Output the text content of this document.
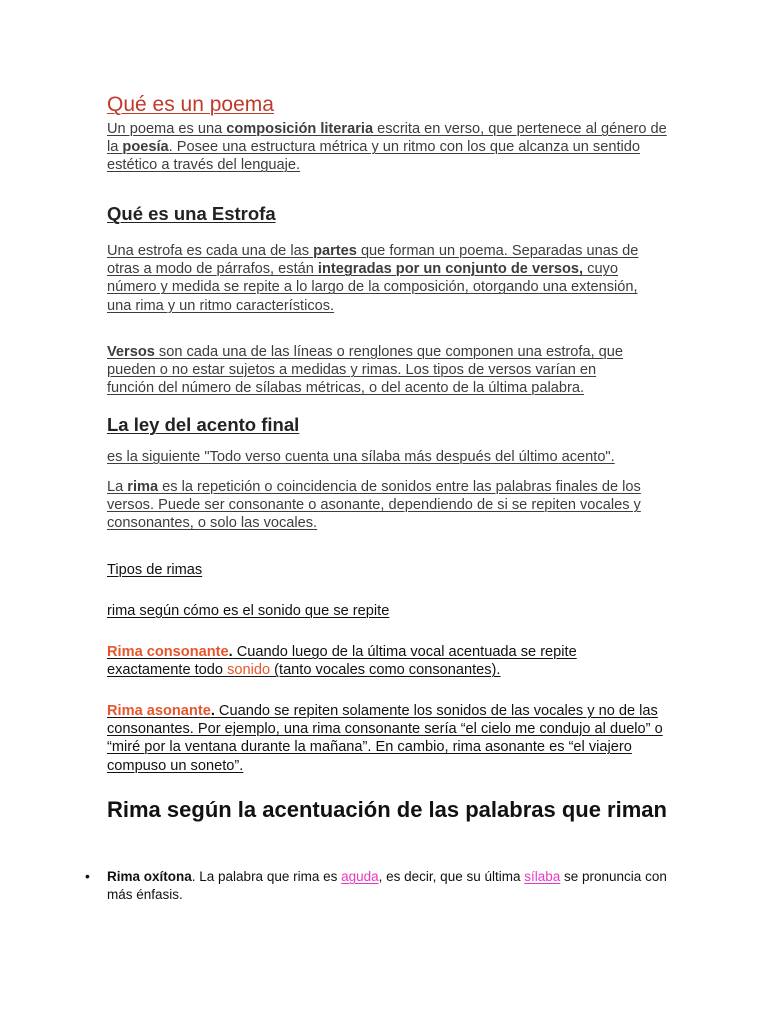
Qué es un poema

Un poema es una composición literaria escrita en verso, que pertenece al género de la poesía. Posee una estructura métrica y un ritmo con los que alcanza un sentido estético a través del lenguaje.

Qué es una Estrofa

Una estrofa es cada una de las partes que forman un poema. Separadas unas de otras a modo de párrafos, están integradas por un conjunto de versos, cuyo número y medida se repite a lo largo de la composición, otorgando una extensión, una rima y un ritmo característicos.

Versos son cada una de las líneas o renglones que componen una estrofa, que pueden o no estar sujetos a medidas y rimas. Los tipos de versos varían en función del número de sílabas métricas, o del acento de la última palabra.

La ley del acento final

es la siguiente "Todo verso cuenta una sílaba más después del último acento".

La rima es la repetición o coincidencia de sonidos entre las palabras finales de los versos. Puede ser consonante o asonante, dependiendo de si se repiten vocales y consonantes, o solo las vocales.

Tipos de rimas

rima según cómo es el sonido que se repite

Rima consonante. Cuando luego de la última vocal acentuada se repite exactamente todo sonido (tanto vocales como consonantes).

Rima asonante. Cuando se repiten solamente los sonidos de las vocales y no de las consonantes. Por ejemplo, una rima consonante sería “el cielo me condujo al duelo” o “miré por la ventana durante la mañana”. En cambio, rima asonante es “el viajero compuso un soneto”.

Rima según la acentuación de las palabras que riman
• Rima oxítona. La palabra que rima es aguda, es decir, que su última sílaba se pronuncia con más énfasis.
